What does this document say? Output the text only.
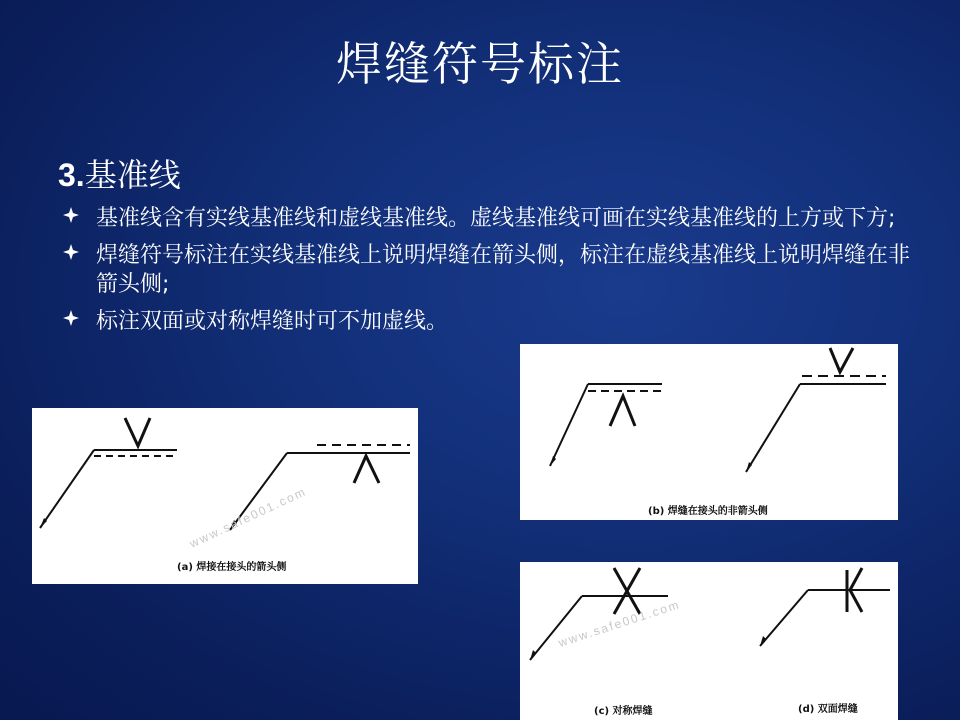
焊缝符号标注
3.基准线
基准线含有实线基准线和虚线基准线。虚线基准线可画在实线基准线的上方或下方;
焊缝符号标注在实线基准线上说明焊缝在箭头侧，标注在虚线基准线上说明焊缝在非箭头侧;
标注双面或对称焊缝时可不加虚线。
www.safe001.com
(a) 焊接在接头的箭头侧
(b) 焊缝在接头的非箭头侧
www.safe001.com
(c) 对称焊缝	(d) 双面焊缝
